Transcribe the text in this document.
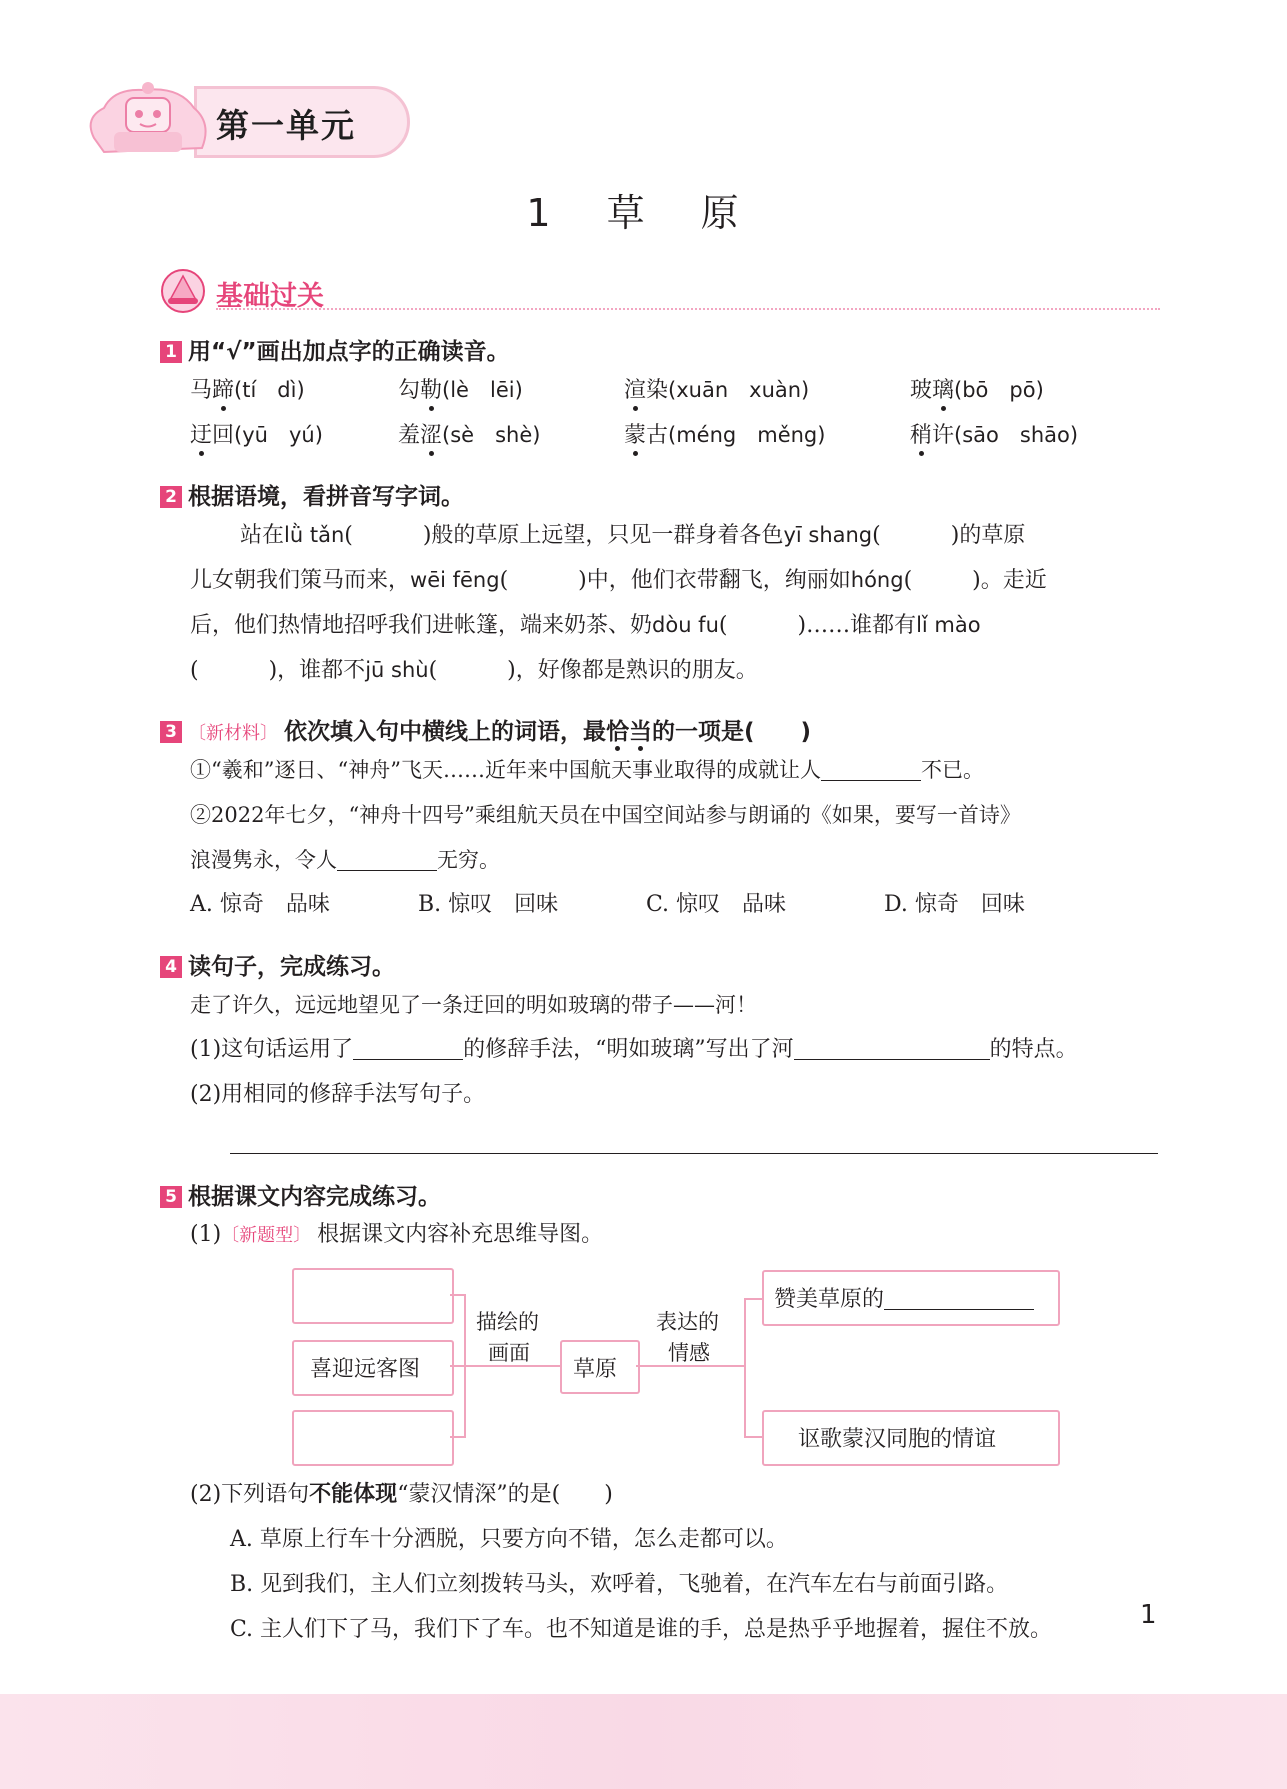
第一单元
1 草 原
基础过关
1 用“√”画出加点字的正确读音。
马蹄(tí　dì)	勾勒(lè　lēi)	渲染(xuān　xuàn)	玻璃(bō　pō)
迂回(yū　yú)	羞涩(sè　shè)	蒙古(méng　měng)	稍许(sāo　shāo)
2 根据语境，看拼音写字词。
站在lǜ tǎn(	)般的草原上远望，只见一群身着各色yī shang(	)的草原
儿女朝我们策马而来，wēi fēng(	)中，他们衣带翻飞，绚丽如hóng(	)。走近
后，他们热情地招呼我们进帐篷，端来奶茶、奶dòu fu(	)……谁都有lǐ mào
(	)，谁都不jū shù(	)，好像都是熟识的朋友。
3 〔新材料〕 依次填入句中横线上的词语，最恰当的一项是(　　)
①“羲和”逐日、“神舟”飞天……近年来中国航天事业取得的成就让人	不已。
②2022年七夕，“神舟十四号”乘组航天员在中国空间站参与朗诵的《如果，要写一首诗》
浪漫隽永，令人	无穷。
A. 惊奇　品味	B. 惊叹　回味	C. 惊叹　品味	D. 惊奇　回味
4 读句子，完成练习。
走了许久，远远地望见了一条迂回的明如玻璃的带子——河！
(1)这句话运用了	的修辞手法，“明如玻璃”写出了河	的特点。
(2)用相同的修辞手法写句子。
5 根据课文内容完成练习。
(1)〔新题型〕 根据课文内容补充思维导图。
喜迎远客图
描绘的
画面
草原
表达的
情感
赞美草原的
讴歌蒙汉同胞的情谊
(2)下列语句不能体现“蒙汉情深”的是(　　)
A. 草原上行车十分洒脱，只要方向不错，怎么走都可以。
B. 见到我们，主人们立刻拨转马头，欢呼着，飞驰着，在汽车左右与前面引路。
C. 主人们下了马，我们下了车。也不知道是谁的手，总是热乎乎地握着，握住不放。	1
